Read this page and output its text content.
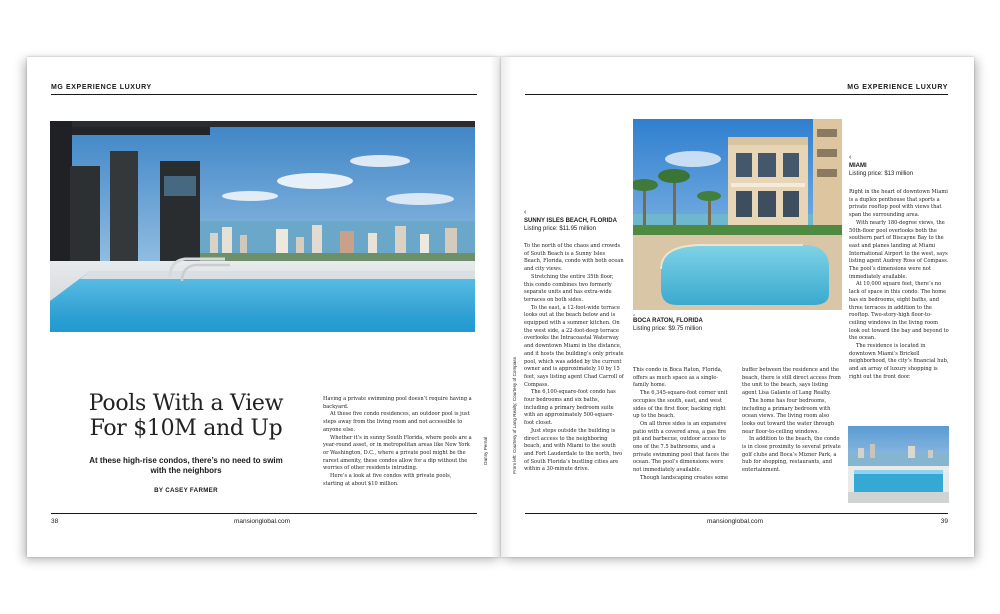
MG EXPERIENCE LUXURY
Pools With a View
For $10M and Up
At these high-rise condos, there’s no need to swim with the neighbors
BY CASEY FARMER

Having a private swimming pool doesn’t require having a backyard.

At these five condo residences, an outdoor pool is just steps away from the living room and not accessible to anyone else.

Whether it’s in sunny South Florida, where pools are a year-round asset, or in metropolitan areas like New York or Washington, D.C., where a private pool might be the rarest amenity, these condos allow for a dip without the worries of other residents intruding.

Here’s a look at five condos with private pools, starting at about $10 million.

Danny Pernal
38	mansionglobal.com
MG EXPERIENCE LUXURY
From left: Courtesy of Lang Realty; Courtesy of Compass
‹
SUNNY ISLES BEACH, FLORIDA
Listing price: $11.95 million

To the north of the chaos and crowds of South Beach is a Sunny Isles Beach, Florida, condo with both ocean and city views.

Stretching the entire 35th floor, this condo combines two formerly separate units and has extra-wide terraces on both sides.

To the east, a 12-foot-wide terrace looks out at the beach below and is equipped with a summer kitchen. On the west side, a 22-foot-deep terrace overlooks the Intracoastal Waterway and downtown Miami in the distance, and it hosts the building’s only private pool, which was added by the current owner and is approximately 10 by 15 feet, says listing agent Chad Carroll of Compass.

The 6,100-square-foot condo has four bedrooms and six baths, including a primary bedroom suite with an approximately 500-square-foot closet.

Just steps outside the building is direct access to the neighboring beach, and with Miami to the south and Fort Lauderdale to the north, two of South Florida’s bustling cities are within a 30-minute drive.

‸
BOCA RATON, FLORIDA
Listing price: $9.75 million

This condo in Boca Raton, Florida, offers as much space as a single-family home.

The 6,345-square-foot corner unit occupies the south, east, and west sides of the first floor, backing right up to the beach.

On all three sides is an expansive patio with a covered area, a gas fire pit and barbecue, outdoor access to one of the 7.5 bathrooms, and a private swimming pool that faces the ocean. The pool’s dimensions were not immediately available.

Though landscaping creates some

buffer between the residence and the beach, there is still direct access from the unit to the beach, says listing agent Lisa Galante of Lang Realty.

The home has four bedrooms, including a primary bedroom with ocean views. The living room also looks out toward the water through near floor-to-ceiling windows.

In addition to the beach, the condo is in close proximity to several private golf clubs and Boca’s Mizner Park, a hub for shopping, restaurants, and entertainment.

‹
MIAMI
Listing price: $13 million

Right in the heart of downtown Miami is a duplex penthouse that sports a private rooftop pool with views that span the surrounding area.

With nearly 180-degree views, the 50th-floor pool overlooks both the southern part of Biscayne Bay to the east and planes landing at Miami International Airport to the west, says listing agent Audrey Ross of Compass. The pool’s dimensions were not immediately available.

At 10,000 square feet, there’s no lack of space in this condo. The home has six bedrooms, eight baths, and three terraces in addition to the rooftop. Two-story-high floor-to-ceiling windows in the living room look out toward the bay and beyond to the ocean.

The residence is located in downtown Miami’s Brickell neighborhood, the city’s financial hub, and an array of luxury shopping is right out the front door.

mansionglobal.com	39
